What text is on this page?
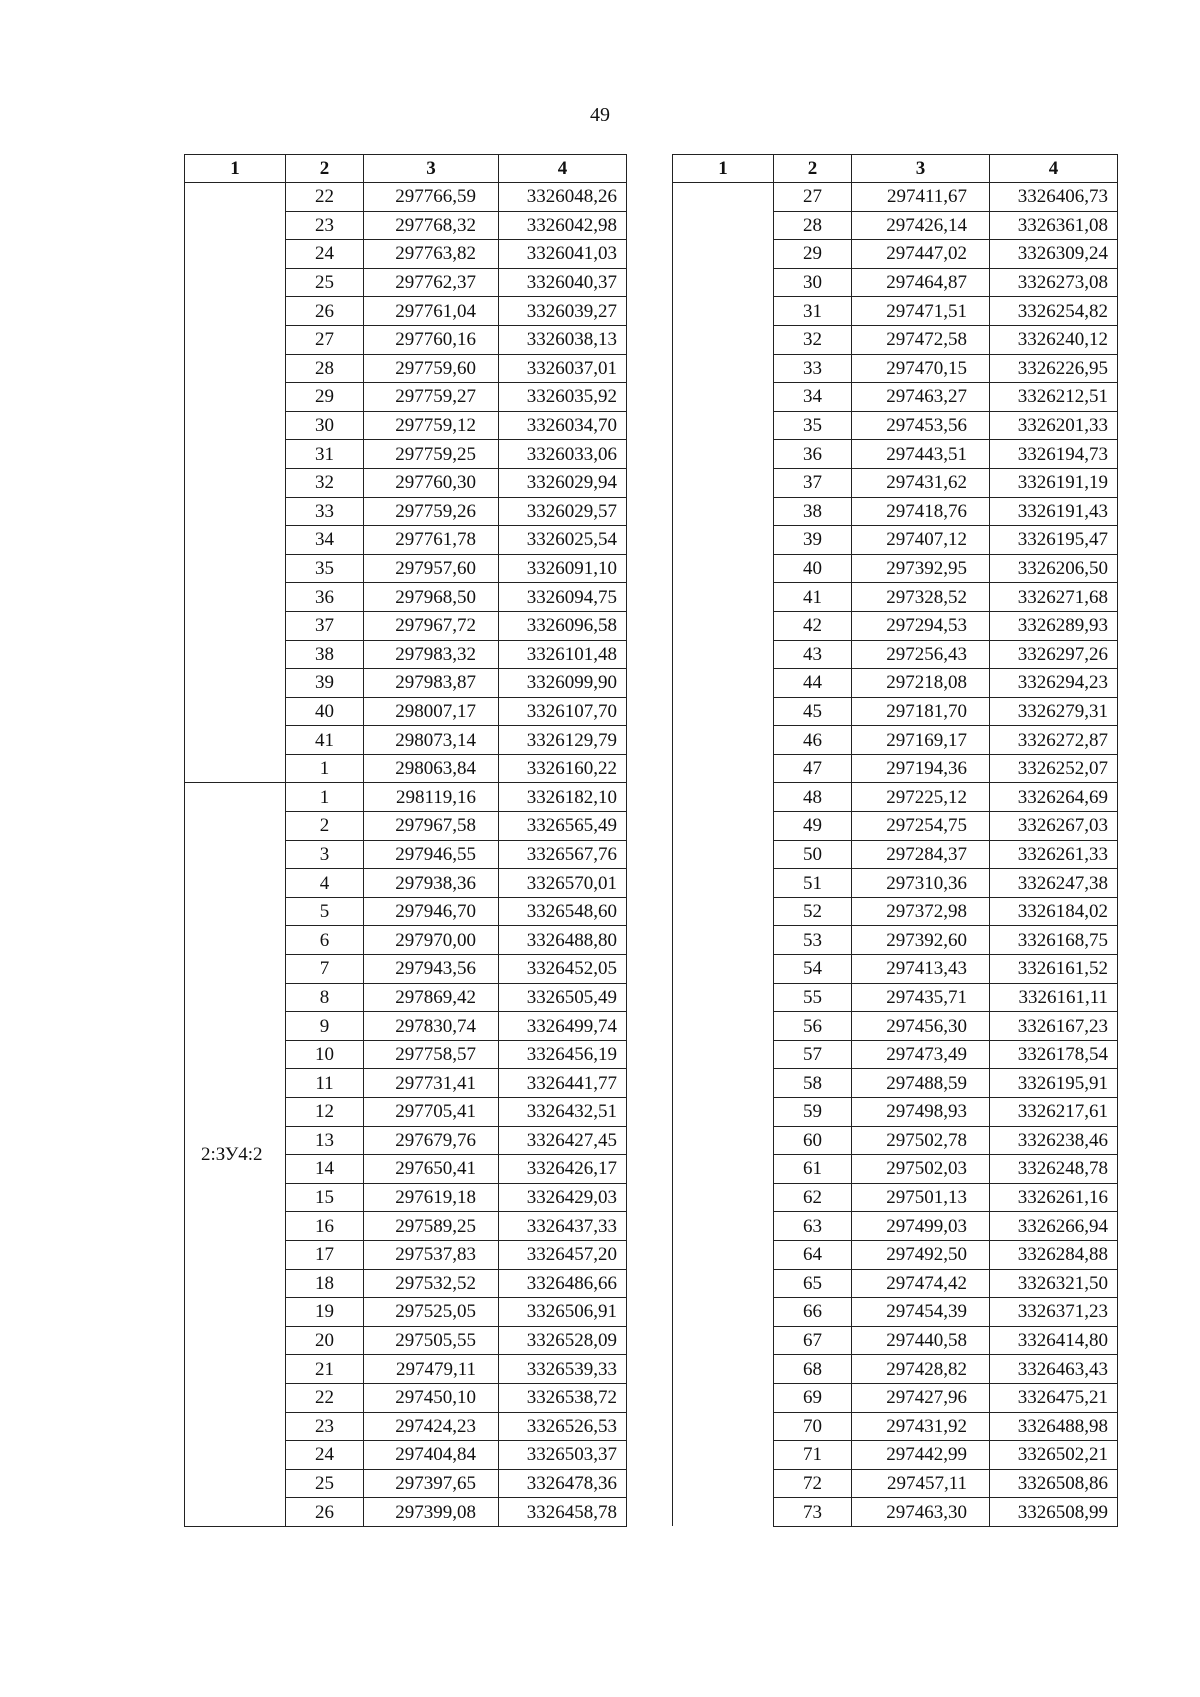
49
1	2	3	4
	22	297766,59	3326048,26
	23	297768,32	3326042,98
	24	297763,82	3326041,03
	25	297762,37	3326040,37
	26	297761,04	3326039,27
	27	297760,16	3326038,13
	28	297759,60	3326037,01
	29	297759,27	3326035,92
	30	297759,12	3326034,70
	31	297759,25	3326033,06
	32	297760,30	3326029,94
	33	297759,26	3326029,57
	34	297761,78	3326025,54
	35	297957,60	3326091,10
	36	297968,50	3326094,75
	37	297967,72	3326096,58
	38	297983,32	3326101,48
	39	297983,87	3326099,90
	40	298007,17	3326107,70
	41	298073,14	3326129,79
	1	298063,84	3326160,22
2:ЗУ4:2	1	298119,16	3326182,10
	2	297967,58	3326565,49
	3	297946,55	3326567,76
	4	297938,36	3326570,01
	5	297946,70	3326548,60
	6	297970,00	3326488,80
	7	297943,56	3326452,05
	8	297869,42	3326505,49
	9	297830,74	3326499,74
	10	297758,57	3326456,19
	11	297731,41	3326441,77
	12	297705,41	3326432,51
	13	297679,76	3326427,45
	14	297650,41	3326426,17
	15	297619,18	3326429,03
	16	297589,25	3326437,33
	17	297537,83	3326457,20
	18	297532,52	3326486,66
	19	297525,05	3326506,91
	20	297505,55	3326528,09
	21	297479,11	3326539,33
	22	297450,10	3326538,72
	23	297424,23	3326526,53
	24	297404,84	3326503,37
	25	297397,65	3326478,36
	26	297399,08	3326458,78
1	2	3	4
	27	297411,67	3326406,73
	28	297426,14	3326361,08
	29	297447,02	3326309,24
	30	297464,87	3326273,08
	31	297471,51	3326254,82
	32	297472,58	3326240,12
	33	297470,15	3326226,95
	34	297463,27	3326212,51
	35	297453,56	3326201,33
	36	297443,51	3326194,73
	37	297431,62	3326191,19
	38	297418,76	3326191,43
	39	297407,12	3326195,47
	40	297392,95	3326206,50
	41	297328,52	3326271,68
	42	297294,53	3326289,93
	43	297256,43	3326297,26
	44	297218,08	3326294,23
	45	297181,70	3326279,31
	46	297169,17	3326272,87
	47	297194,36	3326252,07
	48	297225,12	3326264,69
	49	297254,75	3326267,03
	50	297284,37	3326261,33
	51	297310,36	3326247,38
	52	297372,98	3326184,02
	53	297392,60	3326168,75
	54	297413,43	3326161,52
	55	297435,71	3326161,11
	56	297456,30	3326167,23
	57	297473,49	3326178,54
	58	297488,59	3326195,91
	59	297498,93	3326217,61
	60	297502,78	3326238,46
	61	297502,03	3326248,78
	62	297501,13	3326261,16
	63	297499,03	3326266,94
	64	297492,50	3326284,88
	65	297474,42	3326321,50
	66	297454,39	3326371,23
	67	297440,58	3326414,80
	68	297428,82	3326463,43
	69	297427,96	3326475,21
	70	297431,92	3326488,98
	71	297442,99	3326502,21
	72	297457,11	3326508,86
	73	297463,30	3326508,99
